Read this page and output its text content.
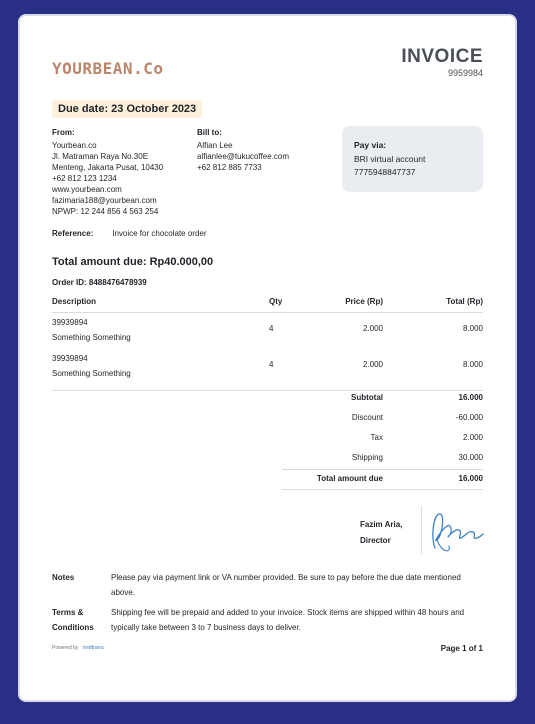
YOURBEAN.Co
INVOICE
9959984
Due date: 23 October 2023
From:
Yourbean.co
Jl. Matraman Raya No.30E
Menteng, Jakarta Pusat, 10430
+62 812 123 1234
www.yourbean.com
fazimaria188@yourbean.com
NPWP: 12 244 856 4 563 254
Bill to:
Alfian Lee
alfianlee@tukucoffee.com
+62 812 885 7733
Pay via:
BRI virtual account
7775948847737
Reference: Invoice for chocolate order
Total amount due: Rp40.000,00
Order ID: 8488476478939
Description	Qty	Price (Rp)	Total (Rp)
39939894
Something Something
4	2.000	8.000
39939894
Something Something
4	2.000	8.000
Subtotal	16.000
Discount	-60.000
Tax	2.000
Shipping	30.000
Total amount due	16.000
Fazim Aria,
Director
Notes	Please pay via payment link or VA number provided. Be sure to pay before the due date mentioned above.
Terms & Conditions
Shipping fee will be prepaid and added to your invoice. Stock items are shipped within 48 hours and typically take between 3 to 7 business days to deliver.
Powered by midtrans	Page 1 of 1
